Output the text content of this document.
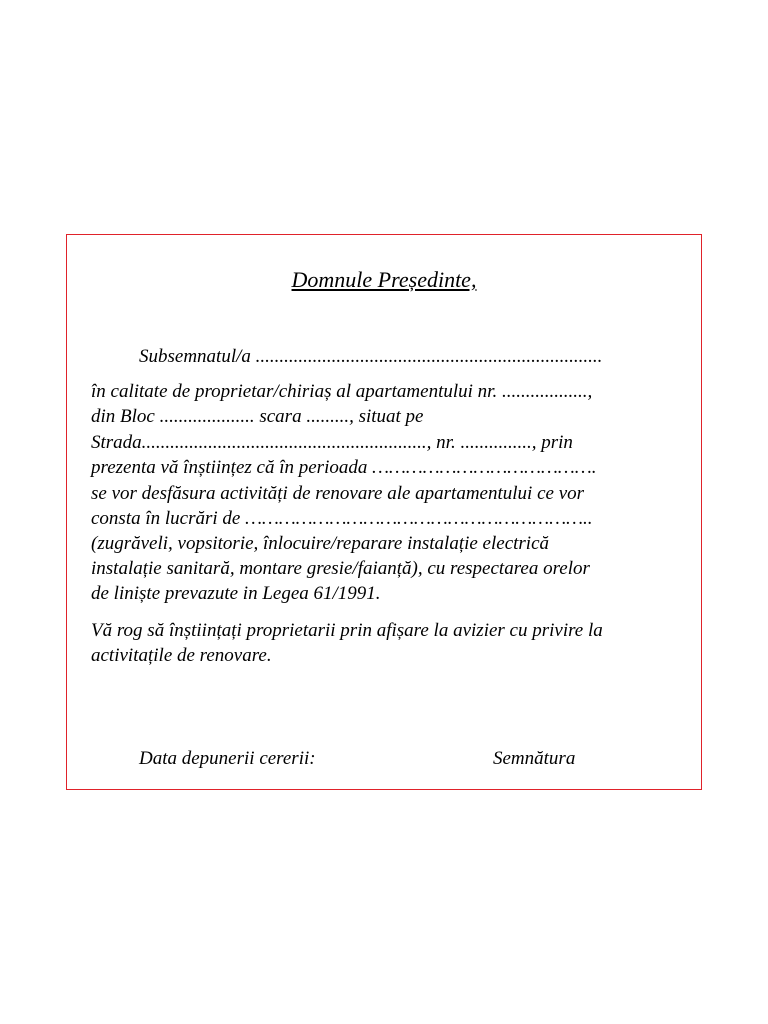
Domnule Președinte,
Subsemnatul/a .........................................................................
în calitate de proprietar/chiriaș al apartamentului nr. ..................,
din Bloc .................... scara ........., situat pe
Strada............................................................, nr. ..............., prin
prezenta vă înștiințez că în perioada ………………………………….
se vor desfăsura activități de renovare ale apartamentului ce vor
consta în lucrări de ……………………………………………………..
(zugrăveli, vopsitorie, înlocuire/reparare instalație electrică
instalație sanitară, montare gresie/faianță), cu respectarea orelor
de liniște prevazute in Legea 61/1991.
Vă rog să înștiințați proprietarii prin afișare la avizier cu privire la
activitațile de renovare.
Data depunerii cererii:	Semnătura
